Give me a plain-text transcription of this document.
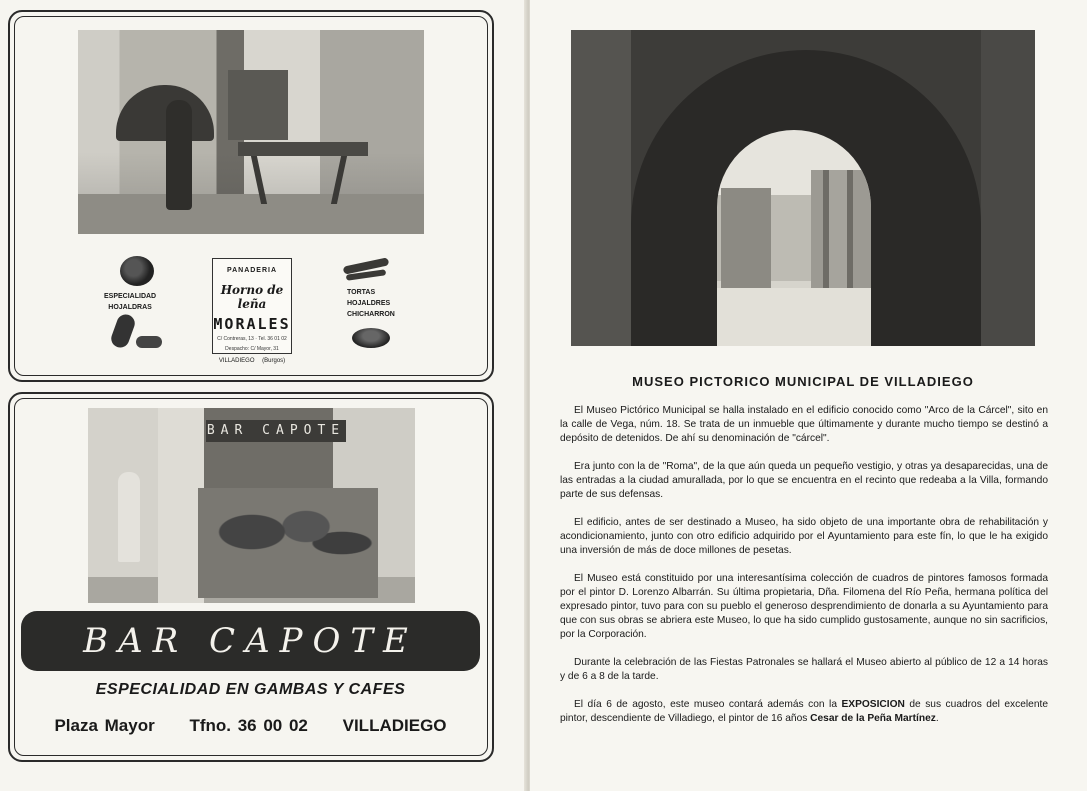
ESPECIALIDAD
HOJALDRAS
PANADERIA
Horno de leña
MORALES
C/ Contreras, 13 · Tel. 36 01 02
Despacho: C/ Mayor, 31
VILLADIEGO (Burgos)
TORTAS
HOJALDRES
CHICHARRON
BAR CAPOTE
BAR CAPOTE
ESPECIALIDAD EN GAMBAS Y CAFES
Plaza Mayor Tfno. 36 00 02 VILLADIEGO
MUSEO PICTORICO MUNICIPAL DE VILLADIEGO

El Museo Pictórico Municipal se halla instalado en el edificio conocido como "Arco de la Cárcel", sito en la calle de Vega, núm. 18. Se trata de un inmueble que últimamente y durante mucho tiempo se destinó a depósito de detenidos. De ahí su denominación de "cárcel".

Era junto con la de "Roma", de la que aún queda un pequeño vestigio, y otras ya desaparecidas, una de las entradas a la ciudad amurallada, por lo que se encuentra en el recinto que redeaba a la Villa, formando parte de sus defensas.

El edificio, antes de ser destinado a Museo, ha sido objeto de una importante obra de rehabilitación y acondicionamiento, junto con otro edificio adquirido por el Ayuntamiento para este fín, lo que le ha exigido una inversión de más de doce millones de pesetas.

El Museo está constituido por una interesantísima colección de cuadros de pintores famosos formada por el pintor D. Lorenzo Albarrán. Su última propietaria, Dña. Filomena del Río Peña, hermana política del expresado pintor, tuvo para con su pueblo el generoso desprendimiento de donarla a su Ayuntamiento para que con sus obras se abriera este Museo, lo que ha sido cumplido gustosamente, aunque no sin sacrificios, por la Corporación.

Durante la celebración de las Fiestas Patronales se hallará el Museo abierto al público de 12 a 14 horas y de 6 a 8 de la tarde.

El día 6 de agosto, este museo contará además con la EXPOSICION de sus cuadros del excelente pintor, descendiente de Villadiego, el pintor de 16 años Cesar de la Peña Martínez.
